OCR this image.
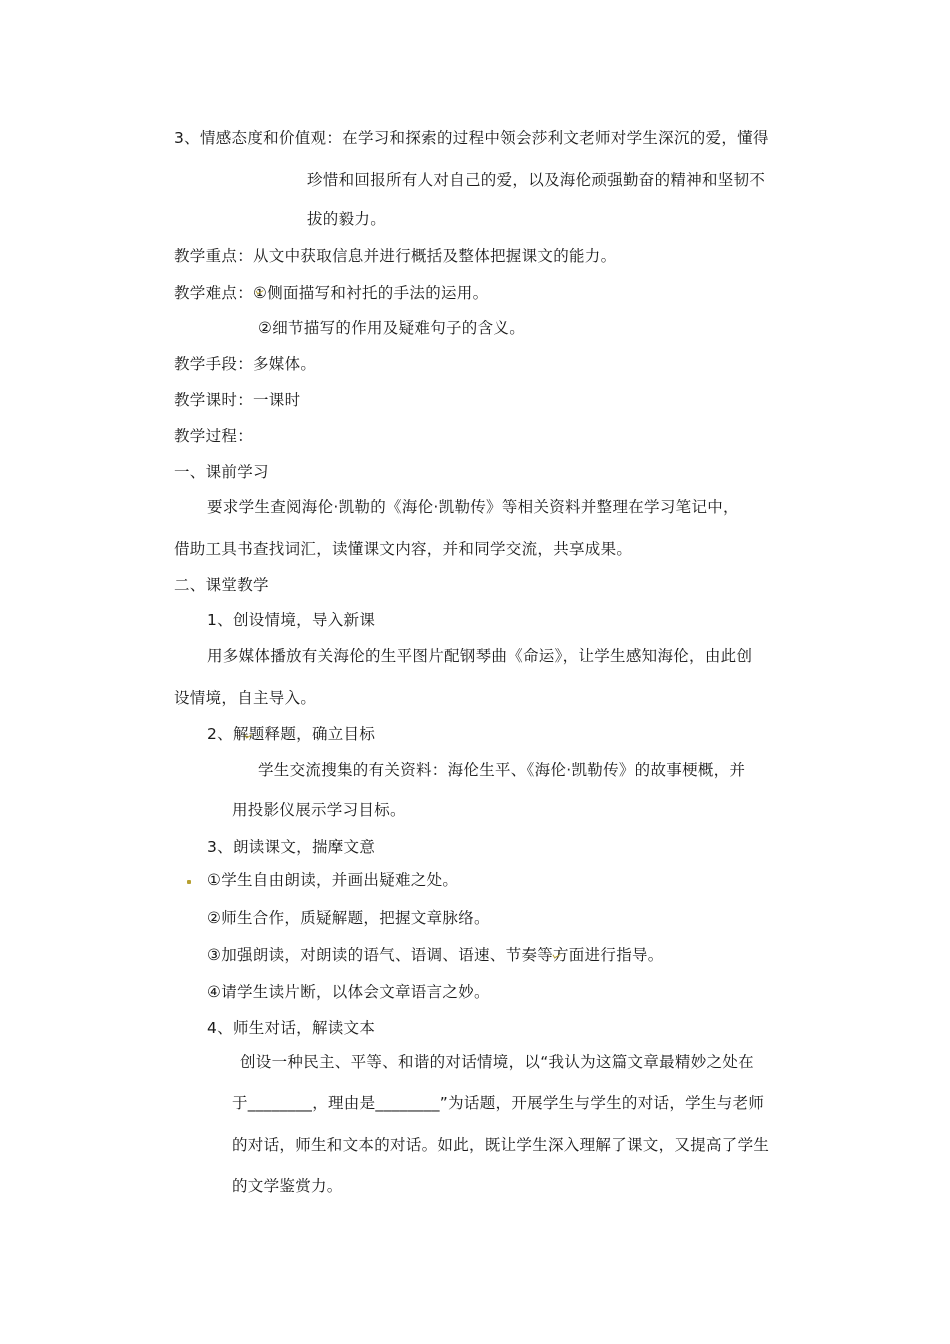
3、情感态度和价值观：在学习和探索的过程中领会莎利文老师对学生深沉的爱，懂得
珍惜和回报所有人对自己的爱，以及海伦顽强勤奋的精神和坚韧不
拔的毅力。
教学重点：从文中获取信息并进行概括及整体把握课文的能力。
教学难点：①侧面描写和衬托的手法的运用。
②细节描写的作用及疑难句子的含义。
教学手段：多媒体。
教学课时：一课时
教学过程：
一、课前学习
要求学生查阅海伦·凯勒的《海伦·凯勒传》等相关资料并整理在学习笔记中，
借助工具书查找词汇，读懂课文内容，并和同学交流，共享成果。
二、课堂教学
1、创设情境，导入新课
用多媒体播放有关海伦的生平图片配钢琴曲《命运》，让学生感知海伦，由此创
设情境，自主导入。
2、解题释题，确立目标
学生交流搜集的有关资料：海伦生平、《海伦·凯勒传》的故事梗概，并
用投影仪展示学习目标。
3、朗读课文，揣摩文意
①学生自由朗读，并画出疑难之处。
②师生合作，质疑解题，把握文章脉络。
③加强朗读，对朗读的语气、语调、语速、节奏等方面进行指导。
④请学生读片断，以体会文章语言之妙。
4、师生对话，解读文本
创设一种民主、平等、和谐的对话情境，以“我认为这篇文章最精妙之处在
于________，理由是________”为话题，开展学生与学生的对话，学生与老师
的对话，师生和文本的对话。如此，既让学生深入理解了课文，又提高了学生
的文学鉴赏力。
